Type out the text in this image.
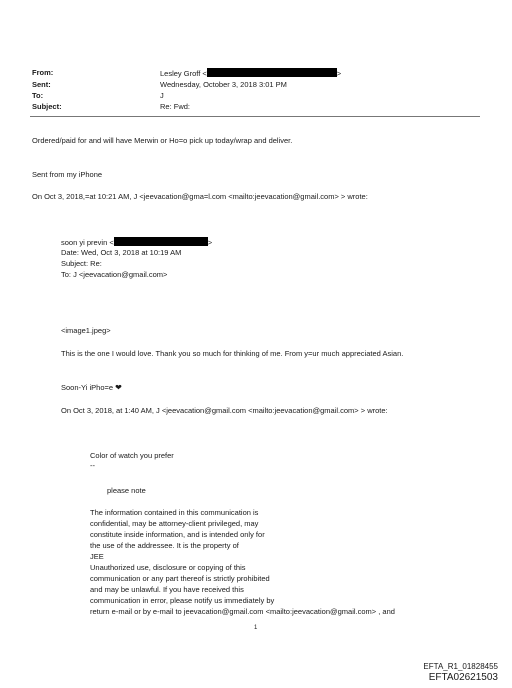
From:	Lesley Groff <	>
Sent:	Wednesday, October 3, 2018 3:01 PM
To:	J
Subject:	Re: Fwd:
Ordered/paid for and will have Merwin or Ho=o pick up today/wrap and deliver.
Sent from my iPhone
On Oct 3, 2018,=at 10:21 AM, J <jeevacation@gma=l.com <mailto:jeevacation@gmail.com> > wrote:
soon yi previn <	>
Date: Wed, Oct 3, 2018 at 10:19 AM
Subject: Re:
To: J <jeevacation@gmail.com>
<image1.jpeg>
This is the one I would love. Thank you so much for thinking of me. From y=ur much appreciated Asian.
Soon-Yi iPho=e ❤
On Oct 3, 2018, at 1:40 AM, J <jeevacation@gmail.com <mailto:jeevacation@gmail.com> > wrote:
Color of watch you prefer
--
please note
The information contained in this communication is
confidential, may be attorney-client privileged, may
constitute inside information, and is intended only for
the use of the addressee. It is the property of
JEE
Unauthorized use, disclosure or copying of this
communication or any part thereof is strictly prohibited
and may be unlawful. If you have received this
communication in error, please notify us immediately by
return e-mail or by e-mail to jeevacation@gmail.com <mailto:jeevacation@gmail.com> , and
1
EFTA_R1_01828455
EFTA02621503
